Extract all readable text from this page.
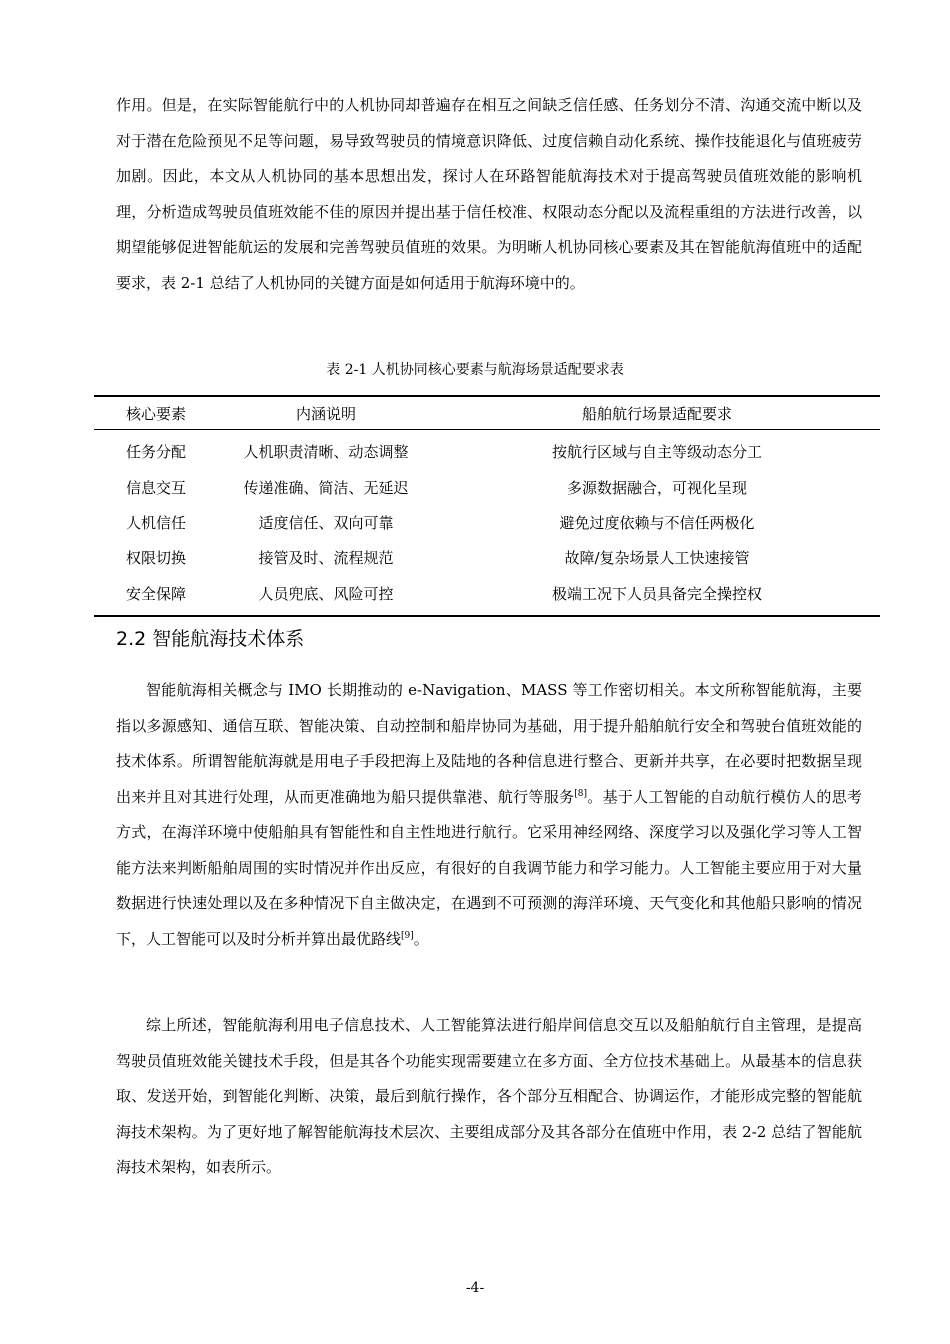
作用。但是，在实际智能航行中的人机协同却普遍存在相互之间缺乏信任感、任务划分不清、沟通交流中断以及对于潜在危险预见不足等问题，易导致驾驶员的情境意识降低、过度信赖自动化系统、操作技能退化与值班疲劳加剧。因此，本文从人机协同的基本思想出发，探讨人在环路智能航海技术对于提高驾驶员值班效能的影响机理，分析造成驾驶员值班效能不佳的原因并提出基于信任校准、权限动态分配以及流程重组的方法进行改善，以期望能够促进智能航运的发展和完善驾驶员值班的效果。为明晰人机协同核心要素及其在智能航海值班中的适配要求，表 2-1 总结了人机协同的关键方面是如何适用于航海环境中的。

表 2-1 人机协同核心要素与航海场景适配要求表
核心要素	内涵说明	船舶航行场景适配要求
任务分配	人机职责清晰、动态调整	按航行区域与自主等级动态分工
信息交互	传递准确、简洁、无延迟	多源数据融合，可视化呈现
人机信任	适度信任、双向可靠	避免过度依赖与不信任两极化
权限切换	接管及时、流程规范	故障/复杂场景人工快速接管
安全保障	人员兜底、风险可控	极端工况下人员具备完全操控权
2.2 智能航海技术体系

智能航海相关概念与 IMO 长期推动的 e-Navigation、MASS 等工作密切相关。本文所称智能航海，主要指以多源感知、通信互联、智能决策、自动控制和船岸协同为基础，用于提升船舶航行安全和驾驶台值班效能的技术体系。所谓智能航海就是用电子手段把海上及陆地的各种信息进行整合、更新并共享，在必要时把数据呈现出来并且对其进行处理，从而更准确地为船只提供靠港、航行等服务[8]。基于人工智能的自动航行模仿人的思考方式，在海洋环境中使船舶具有智能性和自主性地进行航行。它采用神经网络、深度学习以及强化学习等人工智能方法来判断船舶周围的实时情况并作出反应，有很好的自我调节能力和学习能力。人工智能主要应用于对大量数据进行快速处理以及在多种情况下自主做决定，在遇到不可预测的海洋环境、天气变化和其他船只影响的情况下，人工智能可以及时分析并算出最优路线[9]。

综上所述，智能航海利用电子信息技术、人工智能算法进行船岸间信息交互以及船舶航行自主管理，是提高驾驶员值班效能关键技术手段，但是其各个功能实现需要建立在多方面、全方位技术基础上。从最基本的信息获取、发送开始，到智能化判断、决策，最后到航行操作，各个部分互相配合、协调运作，才能形成完整的智能航海技术架构。为了更好地了解智能航海技术层次、主要组成部分及其各部分在值班中作用，表 2-2 总结了智能航海技术架构，如表所示。

-4-
